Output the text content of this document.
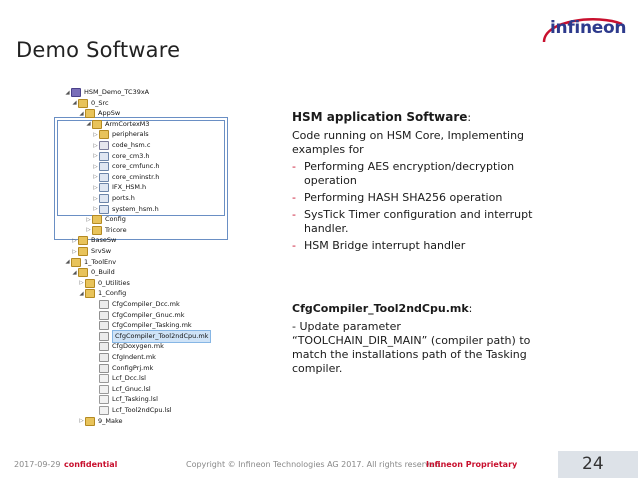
infineon
Demo Software
◢ HSM_Demo_TC39xA
◢ 0_Src
◢ AppSw
◢ ArmCortexM3
▷ peripherals
▷ code_hsm.c
▷ core_cm3.h
▷ core_cmfunc.h
▷ core_cminstr.h
▷ IFX_HSM.h
▷ ports.h
▷ system_hsm.h
▷ Config
▷ Tricore
▷ BaseSw
▷ SrvSw
◢ 1_ToolEnv
◢ 0_Build
▷ 0_Utilities
◢ 1_Config
CfgCompiler_Dcc.mk
CfgCompiler_Gnuc.mk
CfgCompiler_Tasking.mk
CfgCompiler_Tool2ndCpu.mk
CfgDoxygen.mk
CfgIndent.mk
ConfigPrj.mk
Lcf_Dcc.lsl
Lcf_Gnuc.lsl
Lcf_Tasking.lsl
Lcf_Tool2ndCpu.lsl
▷ 9_Make
HSM application Software:
Code running on HSM Core, Implementing examples for
- Performing AES encryption/decryption operation
- Performing HASH SHA256 operation
- SysTick Timer configuration and interrupt handler.
- HSM Bridge interrupt handler
CfgCompiler_Tool2ndCpu.mk:
- Update parameter “TOOLCHAIN_DIR_MAIN” (compiler path) to match the installations path of the Tasking compiler.
2017-09-29 confidential	Copyright © Infineon Technologies AG 2017. All rights reserved.
Infineon Proprietary	24
